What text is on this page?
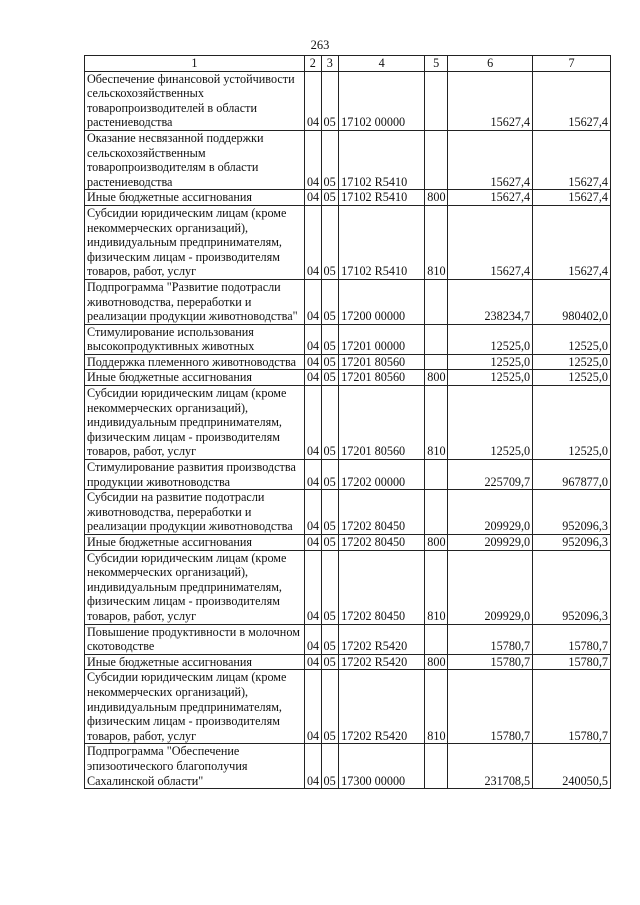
263
1	2	3	4	5	6	7
Обеспечение финансовой устойчивости сельскохозяйственных товаропроизводителей в области растениеводства	04	05	17102 00000		15627,4	15627,4
Оказание несвязанной поддержки сельскохозяйственным товаропроизводителям в области растениеводства	04	05	17102 R5410		15627,4	15627,4
Иные бюджетные ассигнования	04	05	17102 R5410	800	15627,4	15627,4
Субсидии юридическим лицам (кроме некоммерческих организаций), индивидуальным предпринимателям, физическим лицам - производителям товаров, работ, услуг	04	05	17102 R5410	810	15627,4	15627,4
Подпрограмма "Развитие подотрасли животноводства, переработки и реализации продукции животноводства"	04	05	17200 00000		238234,7	980402,0
Стимулирование использования высокопродуктивных животных	04	05	17201 00000		12525,0	12525,0
Поддержка племенного животноводства	04	05	17201 80560		12525,0	12525,0
Иные бюджетные ассигнования	04	05	17201 80560	800	12525,0	12525,0
Субсидии юридическим лицам (кроме некоммерческих организаций), индивидуальным предпринимателям, физическим лицам - производителям товаров, работ, услуг	04	05	17201 80560	810	12525,0	12525,0
Стимулирование развития производства продукции животноводства	04	05	17202 00000		225709,7	967877,0
Субсидии на развитие подотрасли животноводства, переработки и реализации продукции животноводства	04	05	17202 80450		209929,0	952096,3
Иные бюджетные ассигнования	04	05	17202 80450	800	209929,0	952096,3
Субсидии юридическим лицам (кроме некоммерческих организаций), индивидуальным предпринимателям, физическим лицам - производителям товаров, работ, услуг	04	05	17202 80450	810	209929,0	952096,3
Повышение продуктивности в молочном скотоводстве	04	05	17202 R5420		15780,7	15780,7
Иные бюджетные ассигнования	04	05	17202 R5420	800	15780,7	15780,7
Субсидии юридическим лицам (кроме некоммерческих организаций), индивидуальным предпринимателям, физическим лицам - производителям товаров, работ, услуг	04	05	17202 R5420	810	15780,7	15780,7
Подпрограмма "Обеспечение эпизоотического благополучия Сахалинской области"	04	05	17300 00000		231708,5	240050,5
